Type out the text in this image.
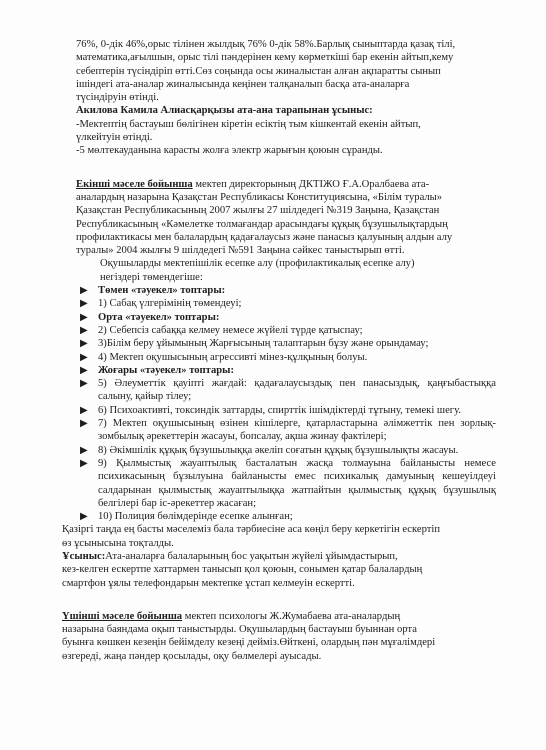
76%, 0-дік 46%,орыс тілінен жылдық 76% 0-дік 58%.Барлық сыныптарда қазақ тілі,

математика,ағылшын, орыс тілі пәндерінен кему көрметкіші бар екенін айтып,кему

себептерін түсіндіріп өтті.Сөз соңында осы жиналыстан алған ақпаратты сынып

ішіндегі ата-аналар жиналысында кеңінен талқаналып басқа ата-аналарға

түсіндіруін өтінді.

Акилова Камила Алиасқарқызы ата-ана тарапынан ұсыныс:

-Мектептің бастауыш бөлігінен кіретін есіктің тым кішкентай екенін айтып,

үлкейтуін өтінді.

-5 мөлтекауданына карасты жолға электр жарығын қоюын сұранды.

Екінші мәселе бойынша мектеп директорының ДКТІЖО Ғ.А.Оралбаева ата-

аналардың назарына Қазақстан Республикасы Конституциясына, «Білім туралы»

Қазақстан Республикасының 2007 жылғы 27 шілдедегі №319 Заңына, Қазақстан

Республикасының «Кәмелетке толмағандар арасындағы құқық бұзушылықтардың

профилактикасы мен балалардың қадағалаусыз және панасыз қалуының алдын алу

туралы» 2004 жылғы 9 шілдедегі №591 Заңына сәйкес таныстырып өтті.

Оқушыларды мектепішілік есепке алу (профилактикалық есепке алу)

негіздері төмендегіше:

▶ Төмен «тәуекел» топтары:
▶ 1) Сабақ үлгерімінің төмендеуі;
▶ Орта «тәуекел» топтары:
▶ 2) Себепсіз сабаққа келмеу немесе жүйелі түрде қатыспау;
▶ 3)Білім беру ұйымының Жарғысының талаптарын бұзу және орындамау;
▶ 4) Мектеп оқушысының агрессивті мінез-құлқының болуы.
▶ Жоғары «тәуекел» топтары:
▶ 5) Әлеуметтік қауіпті жағдай: қадағалаусыздық пен панасыздық, қаңғыбастыққа салыну, қайыр тілеу;
▶ 6) Психоактивті, токсиндік заттарды, спирттік ішімдіктерді тұтыну, темекі шегу.
▶ 7) Мектеп оқушысының өзінен кішілерге, қатарластарына әлімжеттік пен зорлық-зомбылық әрекеттерін жасауы, бопсалау, ақша жинау фактілері;
▶ 8) Әкімшілік құқық бұзушылыққа әкеліп соғатын құқық бұзушылықты жасауы.
▶ 9) Қылмыстық жауаптылық басталатын жасқа толмауына байланысты немесе психикасының бұзылуына байланысты емес психикалық дамуының кешеуілдеуі салдарынан қылмыстық жауаптылыққа жатпайтын қылмыстық құқық бұзушылық белгілері бар іс-әрекеттер жасаған;
▶ 10) Полиция бөлімдерінде есепке алынған;

Қазіргі таңда ең басты мәселеміз бала тәрбиесіне аса көңіл беру керкетігін ескертіп

өз ұсынысына тоқталды.

Ұсыныс:Ата-аналарға балаларының бос уақытын жүйелі ұйымдастырып,

кез-келген ескертпе хаттармен танысып қол қоюын, сонымен қатар балалардың

смартфон ұялы телефондарын мектепке ұстап келмеуін ескертті.

Үшінші мәселе бойынша мектеп психологы Ж.Жумабаева ата-аналардың

назарына баяндама оқып таныстырды. Оқушылардың бастауыш буыннан орта

буынға көшкен кезеңін бейімделу кезеңі дейміз.Өйткені, олардың пән мұғалімдері

өзгереді, жаңа пәндер қосылады, оқу бөлмелері ауысады.
